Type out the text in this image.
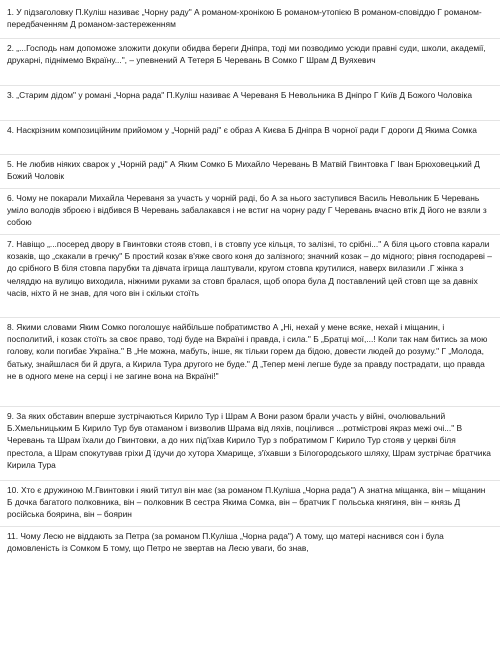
1. У підзаголовку П.Куліш називає „Чорну раду" А романом-хронікою Б романом-утопією В романом-сповіддю Г романом-передбаченням Д романом-застереженням

2. „...Господь нам допоможе зложити докупи обидва береги Дніпра, тоді ми позводимо усюди правні суди, школи, академії, друкарні, піднімемо Вкраїну...", – упевнений А Тетеря Б Черевань В Сомко Г Шрам Д Вуяхевич

3. „Старим дідом" у романі „Чорна рада" П.Куліш називає А Череваня Б Невольника В Дніпро Г Київ Д Божого Чоловіка

4. Наскрізним композиційним прийомом у „Чорній раді" є образ А Києва Б Дніпра В чорної ради Г дороги Д Якима Сомка

5. Не любив ніяких сварок у „Чорній раді" А Яким Сомко Б Михайло Черевань В Матвій Гвинтовка Г Іван Брюховецький Д Божий Чоловік

6. Чому не покарали Михайла Череваня за участь у чорній раді, бо А за нього заступився Василь Невольник Б Черевань уміло володів зброєю і відбився В Черевань забалакався і не встиг на чорну раду Г Черевань вчасно втік Д його не взяли з собою

7. Навіщо „...посеред двору в Гвинтовки стояв стовп, і в стовпу усе кільця, то залізні, то срібні..." А біля цього стовпа карали козаків, що „скакали в гречку" Б простий козак в'яже свого коня до залізного; значний козак – до мідного; рівня господареві – до срібного В біля стовпа парубки та дівчата ігрища лаштували, кругом стовпа крутилися, наверх вилазили .Г жінка з челяддю на вулицю виходила, ніжними руками за стовп бралася, щоб опора була Д поставлений цей стовп ще за давніх часів, ніхто й не знав, для чого він і скільки стоїть

8. Якими словами Яким Сомко поголошує найбільше побратимство А „Ні, нехай у мене всяке, нехай і міщанин, і посполитий, і козак стоїть за своє право, тоді буде на Вкраїні і правда, і сила." Б „Братці мої,...! Коли так нам битись за мою голову, коли погибає Україна." В „Не можна, мабуть, інше, як тільки горем да бідою, довести людей до розуму." Г „Молода, батьку, знайшлася би й друга, а Кирила Тура другого не буде." Д „Тепер мені легше буде за правду пострадати, що правда не в одного мене на серці і не загине вона на Вкраїні!"

9. За яких обставин вперше зустрічаються Кирило Тур і Шрам А Вони разом брали участь у війні, очолювальний Б.Хмельницьким Б Кирило Тур був отаманом і визволив Шрама від ляхів, поцілився ...ротмістрові якраз межі очі..." В Черевань та Шрам їхали до Гвинтовки, а до них під'їхав Кирило Тур з побратимом Г Кирило Тур стояв у церкві біля престола, а Шрам спокутував гріхи Д їдучи до хутора Хмарище, з'їхавши з Білогородського шляху, Шрам зустрічає братчика Кирила Тура

10. Хто є дружиною М.Гвинтовки і який титул він має (за романом П.Куліша „Чорна рада") А знатна міщанка, він – міщанин Б дочка багатого полковника, він – полковник В сестра Якима Сомка, він – братчик Г польська княгиня, він – князь Д російська боярина, він – боярин

11. Чому Лесю не віддають за Петра (за романом П.Куліша „Чорна рада") А тому, що матері наснився сон і була домовленість із Сомком Б тому, що Петро не звертав на Лесю уваги, бо знав,
